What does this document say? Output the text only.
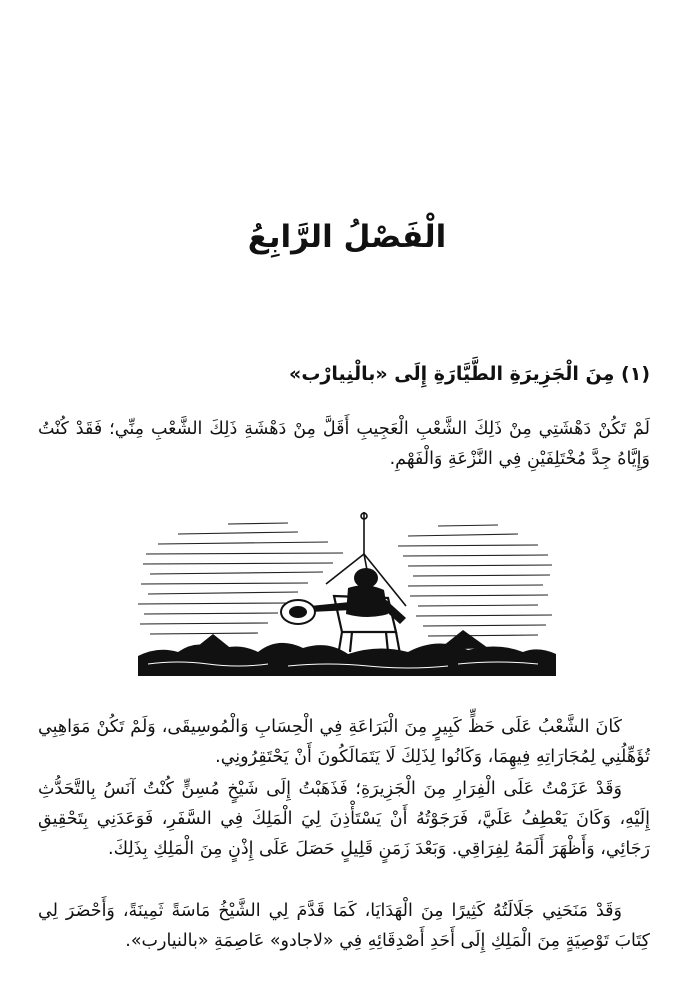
الْفَصْلُ الرَّابِعُ
(١) مِنَ الْجَزِيرَةِ الطَّيَّارَةِ إِلَى «بالْنِيارْب»

لَمْ تَكُنْ دَهْشَتِي مِنْ ذَلِكَ الشَّعْبِ الْعَجِيبِ أَقَلَّ مِنْ دَهْشَةِ ذَلِكَ الشَّعْبِ مِنِّي؛ فَقَدْ كُنْتُ وَإِيَّاهُ جِدَّ مُخْتَلِفَيْنِ فِي النَّزْعَةِ وَالْفَهْمِ.

كَانَ الشَّعْبُ عَلَى حَظٍّ كَبِيرٍ مِنَ الْبَرَاعَةِ فِي الْحِسَابِ وَالْمُوسِيقَى، وَلَمْ تَكُنْ مَوَاهِبِي تُؤَهِّلُنِي لِمُجَارَاتِهِ فِيهِمَا، وَكَانُوا لِذَلِكَ لَا يَتَمَالَكُونَ أَنْ يَحْتَقِرُونِي.

وَقَدْ عَزَمْتُ عَلَى الْفِرَارِ مِنَ الْجَزِيرَةِ؛ فَذَهَبْتُ إِلَى شَيْخٍ مُسِنٍّ كُنْتُ آنَسُ بِالتَّحَدُّثِ إِلَيْهِ، وَكَانَ يَعْطِفُ عَلَيَّ، فَرَجَوْتُهُ أَنْ يَسْتَأْذِنَ لِيَ الْمَلِكَ فِي السَّفَرِ، فَوَعَدَنِي بِتَحْقِيقِ رَجَائِي، وَأَظْهَرَ أَلَمَهُ لِفِرَاقِي. وَبَعْدَ زَمَنٍ قَلِيلٍ حَصَلَ عَلَى إِذْنٍ مِنَ الْمَلِكِ بِذَلِكَ.

وَقَدْ مَنَحَنِي جَلَالَتُهُ كَثِيرًا مِنَ الْهَدَايَا، كَمَا قَدَّمَ لِي الشَّيْخُ مَاسَةً ثَمِينَةً، وَأَحْضَرَ لِي كِتَابَ تَوْصِيَةٍ مِنَ الْمَلِكِ إِلَى أَحَدِ أَصْدِقَائِهِ فِي «لاجادو» عَاصِمَةِ «بالنيارب».
